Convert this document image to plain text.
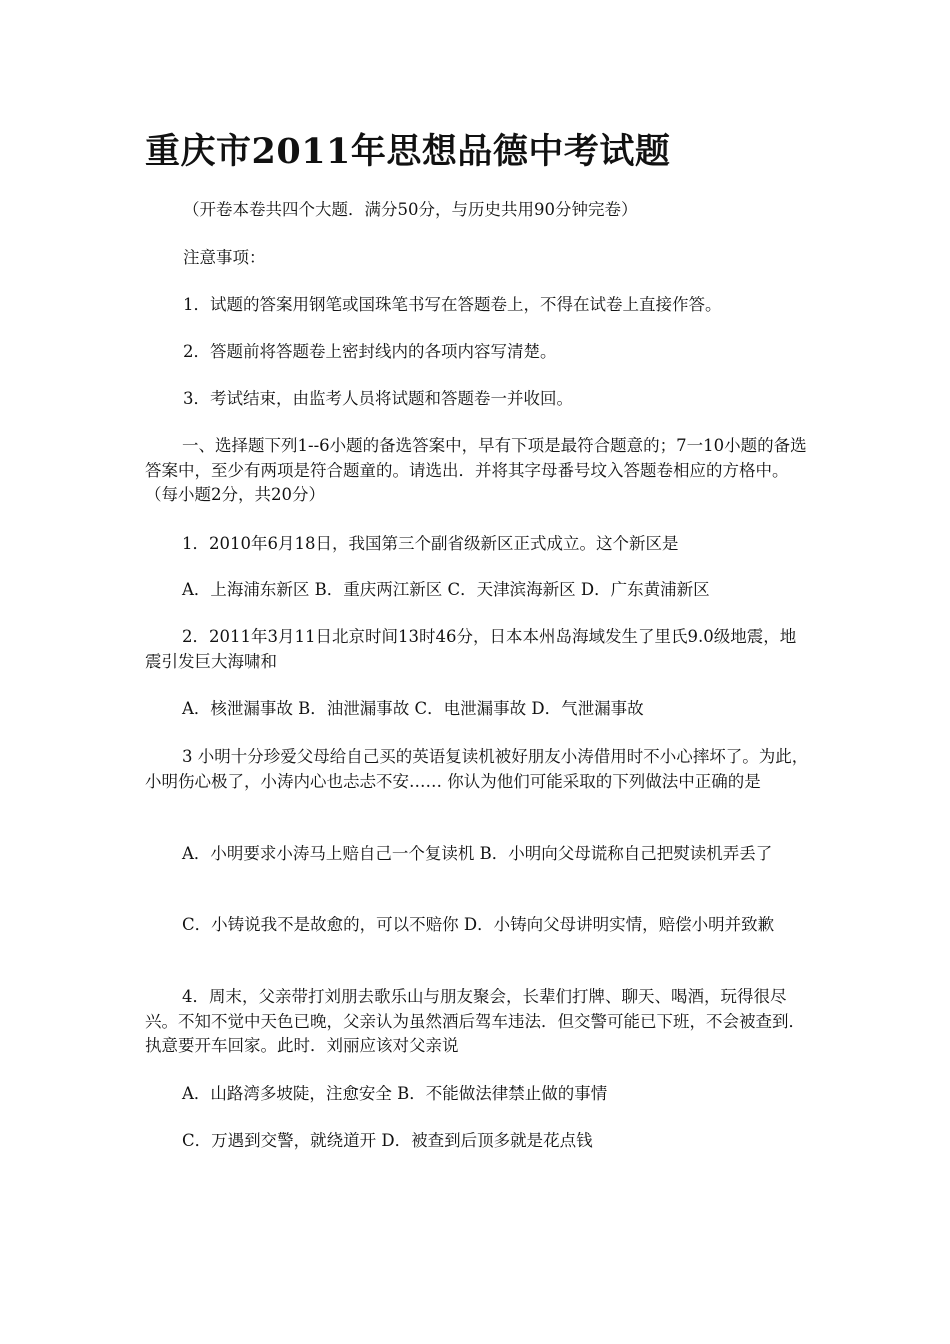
重庆市2011年思想品德中考试题

（开卷本卷共四个大题．满分50分，与历史共用90分钟完卷）

注意事项：

1．试题的答案用钢笔或国珠笔书写在答题卷上，不得在试卷上直接作答。

2．答题前将答题卷上密封线内的各项内容写清楚。

3．考试结束，由监考人员将试题和答题卷一并收回。

一、选择题下列1--6小题的备选答案中，早有下项是最符合题意的；7一10小题的备选答案中，至少有两项是符合题童的。请选出．并将其字母番号坟入答题卷相应的方格中。（每小题2分，共20分）

1．2010年6月18日，我国第三个副省级新区正式成立。这个新区是

A．上海浦东新区 B．重庆两江新区 C．天津滨海新区 D．广东黄浦新区

2．2011年3月11日北京时间13时46分，日本本州岛海域发生了里氏9.0级地震，地震引发巨大海啸和

A．核泄漏事故 B．油泄漏事故 C．电泄漏事故 D．气泄漏事故

3 小明十分珍爱父母给自己买的英语复读机被好朋友小涛借用时不小心摔坏了。为此，小明伤心极了，小涛内心也忐忐不安…… 你认为他们可能采取的下列做法中正确的是

A．小明要求小涛马上赔自己一个复读机 B．小明向父母谎称自己把熨读机弄丢了

C．小铸说我不是故愈的，可以不赔你 D．小铸向父母讲明实情，赔偿小明并致歉

4．周末，父亲带打刘朋去歌乐山与朋友聚会，长辈们打牌、聊天、喝酒，玩得很尽兴。不知不觉中天色已晚，父亲认为虽然酒后驾车违法．但交警可能已下班，不会被查到．执意要开车回家。此时．刘丽应该对父亲说

A．山路湾多坡陡，注愈安全 B．不能做法律禁止做的事情

C．万遇到交警，就绕道开 D．被查到后顶多就是花点钱
